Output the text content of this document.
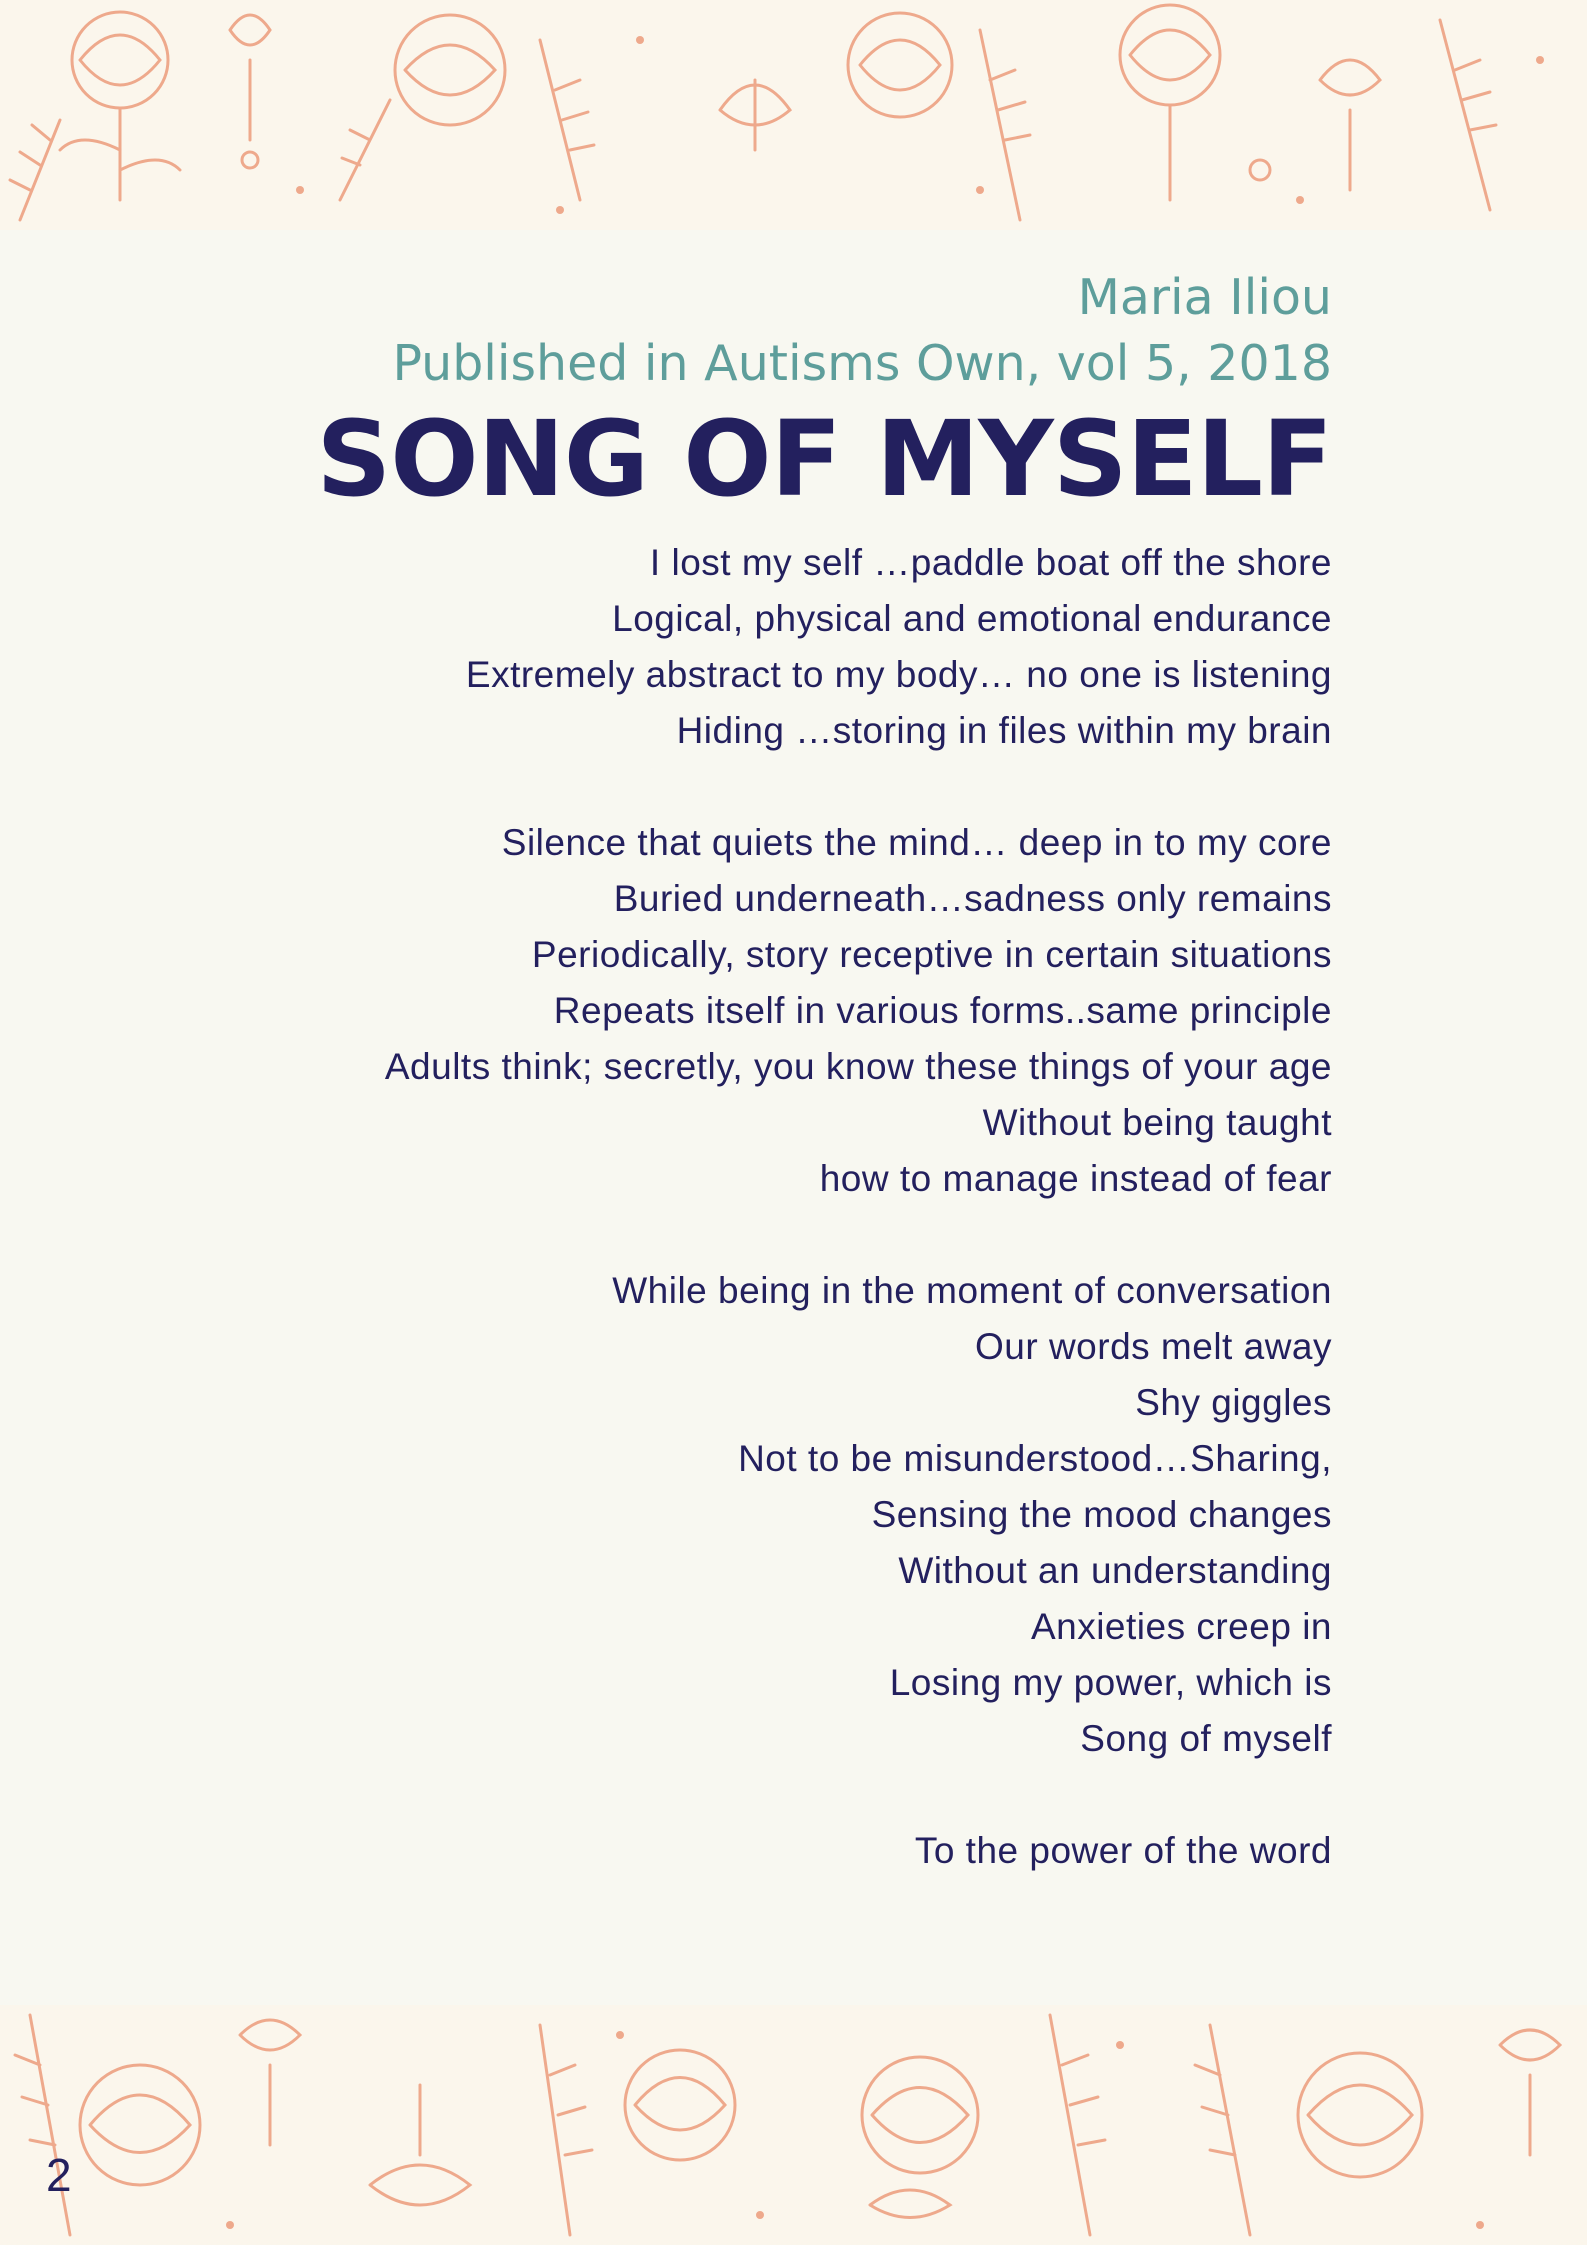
Maria Iliou

Published in Autisms Own, vol 5, 2018

SONG OF MYSELF
I lost my self …paddle boat off the shore
Logical, physical and emotional endurance
Extremely abstract to my body… no one is listening
Hiding …storing in files within my brain
Silence that quiets the mind… deep in to my core
Buried underneath…sadness only remains
Periodically, story receptive in certain situations
Repeats itself in various forms..same principle
Adults think; secretly, you know these things of your age
Without being taught
how to manage instead of fear
While being in the moment of conversation
Our words melt away
Shy giggles
Not to be misunderstood…Sharing,
Sensing the mood changes
Without an understanding
Anxieties creep in
Losing my power, which is
Song of myself
To the power of the word
2
